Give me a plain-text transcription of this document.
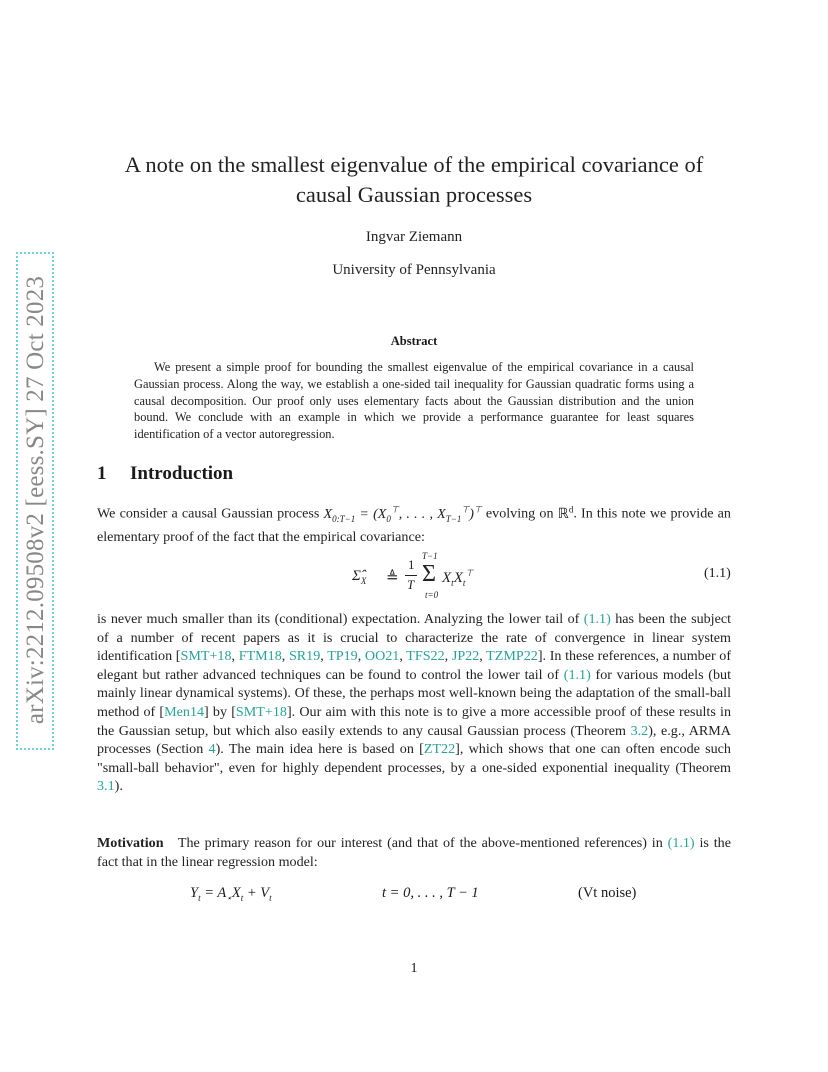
arXiv:2212.09508v2 [eess.SY] 27 Oct 2023
A note on the smallest eigenvalue of the empirical covariance of causal Gaussian processes
Ingvar Ziemann
University of Pennsylvania
Abstract
We present a simple proof for bounding the smallest eigenvalue of the empirical covariance in a causal Gaussian process. Along the way, we establish a one-sided tail inequality for Gaussian quadratic forms using a causal decomposition. Our proof only uses elementary facts about the Gaussian distribution and the union bound. We conclude with an example in which we provide a performance guarantee for least squares identification of a vector autoregression.
1 Introduction
We consider a causal Gaussian process $X_{0:T-1} = (X_0^⊤$, . . . , $X_{T-1}^⊤)^⊤$ evolving on ℝ$^d$. In this note we provide an elementary proof of the fact that the empirical covariance:
$\Sigmâ_X$ ≜
1
T
T−1
Σ
t=0
$X_tX_t^⊤$	(1.1)
is never much smaller than its (conditional) expectation. Analyzing the lower tail of (1.1) has been the subject of a number of recent papers as it is crucial to characterize the rate of convergence in linear system identification [SMT+18, FTM18, SR19, TP19, OO21, TFS22, JP22, TZMP22]. In these references, a number of elegant but rather advanced techniques can be found to control the lower tail of (1.1) for various models (but mainly linear dynamical systems). Of these, the perhaps most well-known being the adaptation of the small-ball method of [Men14] by [SMT+18]. Our aim with this note is to give a more accessible proof of these results in the Gaussian setup, but which also easily extends to any causal Gaussian process (Theorem 3.2), e.g., ARMA processes (Section 4). The main idea here is based on [ZT22], which shows that one can often encode such "small-ball behavior", even for highly dependent processes, by a one-sided exponential inequality (Theorem 3.1).
Motivation The primary reason for our interest (and that of the above-mentioned references) in (1.1) is the fact that in the linear regression model:
$Y_t = A_⋆X_t + V_t$	t = 0, . . . , T − 1	(Vt noise)
1
